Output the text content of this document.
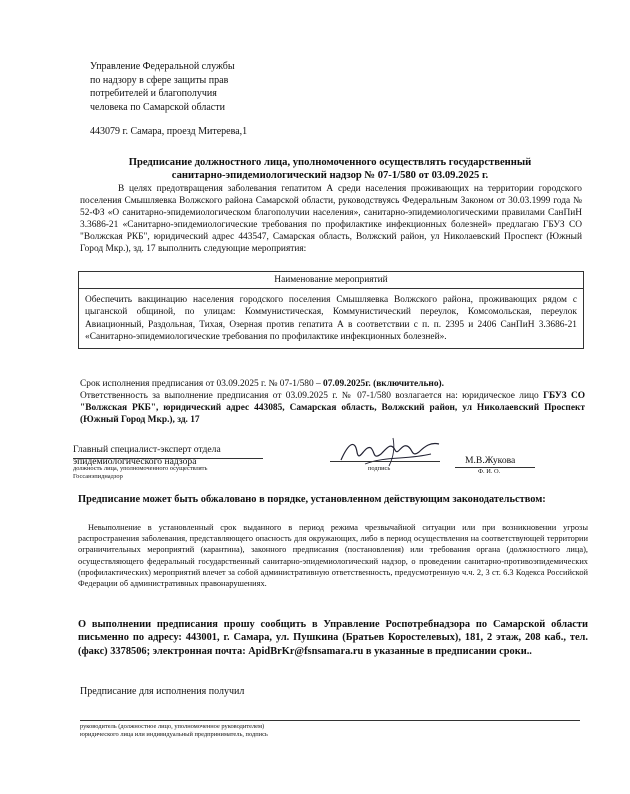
Управление Федеральной службы
по надзору в сфере защиты прав
потребителей и благополучия
человека по Самарской области
443079 г. Самара, проезд Митерева,1
Предписание должностного лица, уполномоченного осуществлять государственный
санитарно-эпидемиологический надзор № 07-1/580 от 03.09.2025 г.
В целях предотвращения заболевания гепатитом А среди населения проживающих на территории городского поселения Смышляевка Волжского района Самарской области, руководствуясь Федеральным Законом от 30.03.1999 года № 52-ФЗ «О санитарно-эпидемиологическом благополучии населения», санитарно-эпидемиологическими правилами СанПиН 3.3686-21 «Санитарно-эпидемиологические требования по профилактике инфекционных болезней» предлагаю ГБУЗ СО "Волжская РКБ", юридический адрес 443547, Самарская область, Волжский район, ул Николаевский Проспект (Южный Город Мкр.), зд. 17 выполнить следующие мероприятия:
Наименование мероприятий
Обеспечить вакцинацию населения городского поселения Смышляевка Волжского района, проживающих рядом с цыганской общиной, по улицам: Коммунистическая, Коммунистический переулок, Комсомольская, переулок Авиационный, Раздольная, Тихая, Озерная против гепатита А в соответствии с п. п. 2395 и 2406 СанПиН 3.3686-21 «Санитарно-эпидемиологические требования по профилактике инфекционных болезней».
Срок исполнения предписания от 03.09.2025 г. № 07-1/580 – 07.09.2025г. (включительно).
Ответственность за выполнение предписания от 03.09.2025 г. № 07-1/580 возлагается на: юридическое лицо ГБУЗ СО "Волжская РКБ", юридический адрес 443085, Самарская область, Волжский район, ул Николаевский Проспект (Южный Город Мкр.), зд. 17
Главный специалист-эксперт отдела
эпидемиологического надзора
должность лица, уполномоченного осуществлять
Госсанэпиднадзор
подпись
М.В.Жукова
Ф. И. О.
Предписание может быть обжаловано в порядке, установленном действующим законодательством:
Невыполнение в установленный срок выданного в период режима чрезвычайной ситуации или при возникновении угрозы распространения заболевания, представляющего опасность для окружающих, либо в период осуществления на соответствующей территории ограничительных мероприятий (карантина), законного предписания (постановления) или требования органа (должностного лица), осуществляющего федеральный государственный санитарно-эпидемиологический надзор, о проведении санитарно-противоэпидемических (профилактических) мероприятий влечет за собой административную ответственность, предусмотренную ч.ч. 2, 3 ст. 6.3 Кодекса Российской Федерации об административных правонарушениях.
О выполнении предписания прошу сообщить в Управление Роспотребнадзора по Самарской области письменно по адресу: 443001, г. Самара, ул. Пушкина (Братьев Коростелевых), 181, 2 этаж, 208 каб., тел. (факс) 3378506; электронная почта: ApidBrKr@fsnsamara.ru в указанные в предписании сроки..
Предписание для исполнения получил
руководитель (должностное лицо, уполномоченное руководителем)
юридического лица или индивидуальный предприниматель, подпись
